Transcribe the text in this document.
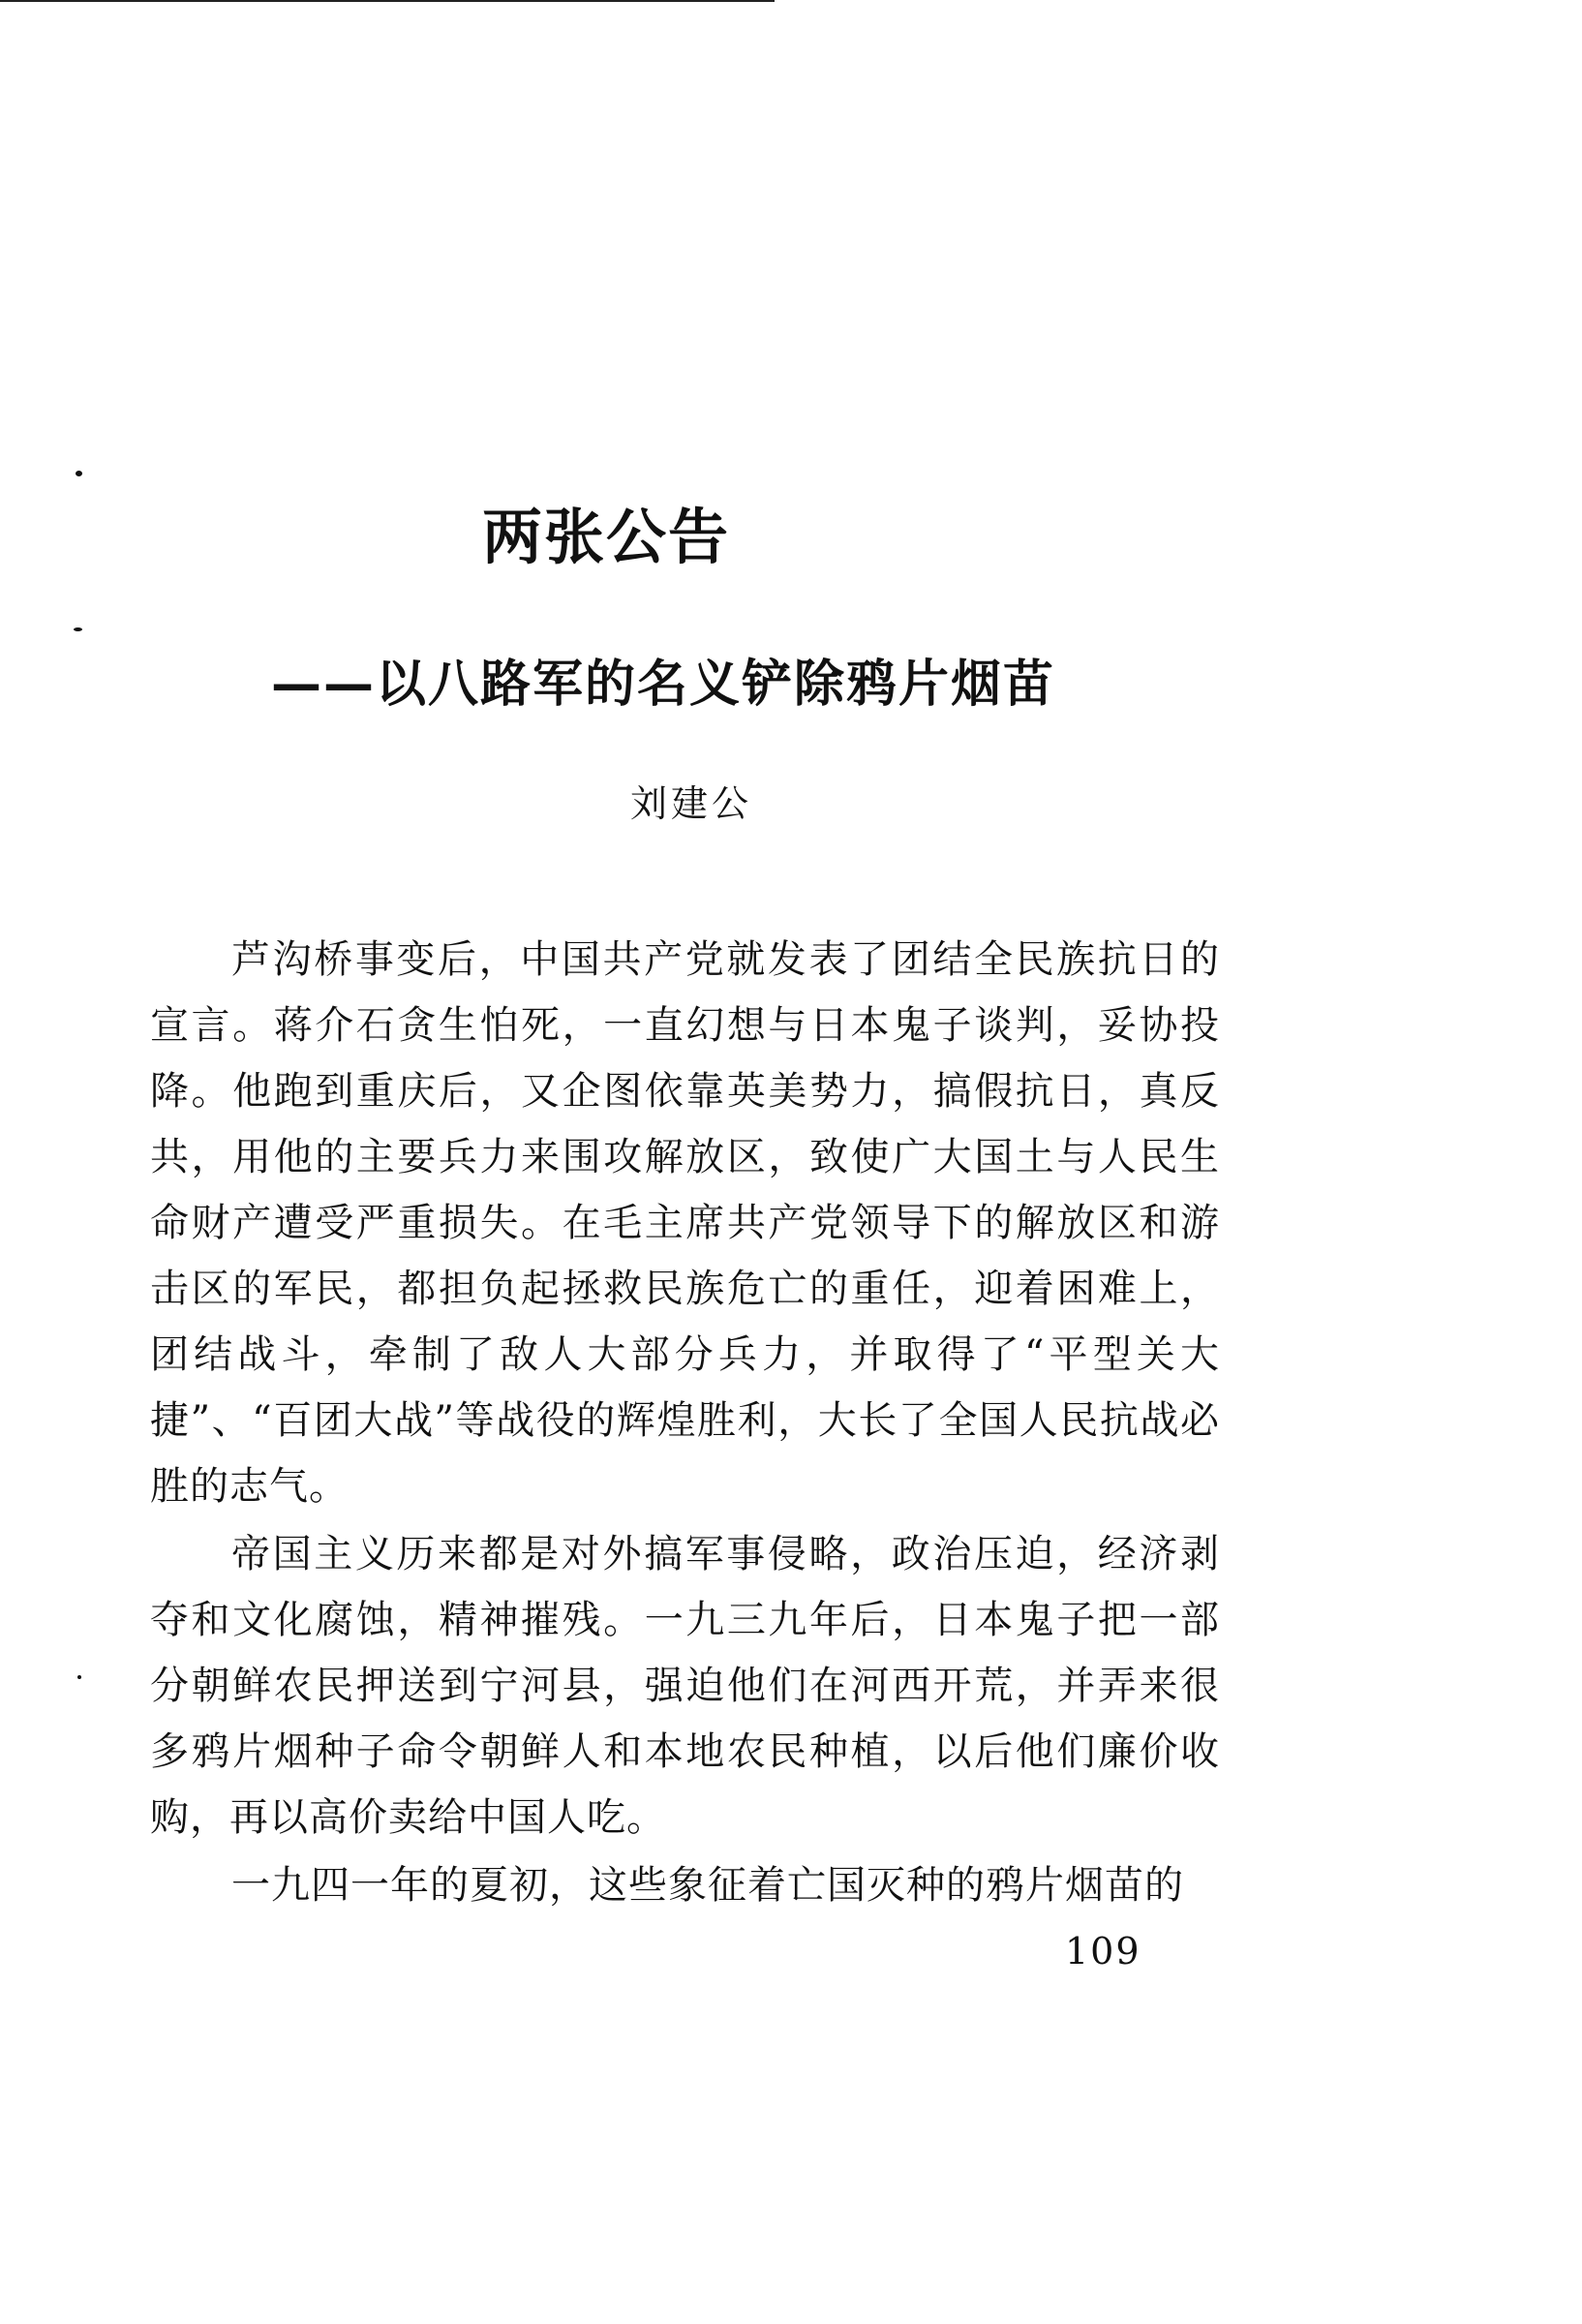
两张公告
——以八路军的名义铲除鸦片烟苗
刘建公

芦沟桥事变后，中国共产党就发表了团结全民族抗日的宣言。蒋介石贪生怕死，一直幻想与日本鬼子谈判，妥协投降。他跑到重庆后，又企图依靠英美势力，搞假抗日，真反共，用他的主要兵力来围攻解放区，致使广大国土与人民生命财产遭受严重损失。在毛主席共产党领导下的解放区和游击区的军民，都担负起拯救民族危亡的重任，迎着困难上，团结战斗，牵制了敌人大部分兵力，并取得了“平型关大捷”、“百团大战”等战役的辉煌胜利，大长了全国人民抗战必胜的志气。

帝国主义历来都是对外搞军事侵略，政治压迫，经济剥夺和文化腐蚀，精神摧残。一九三九年后，日本鬼子把一部分朝鲜农民押送到宁河县，强迫他们在河西开荒，并弄来很多鸦片烟种子命令朝鲜人和本地农民种植，以后他们廉价收购，再以高价卖给中国人吃。

一九四一年的夏初，这些象征着亡国灭种的鸦片烟苗的

109
